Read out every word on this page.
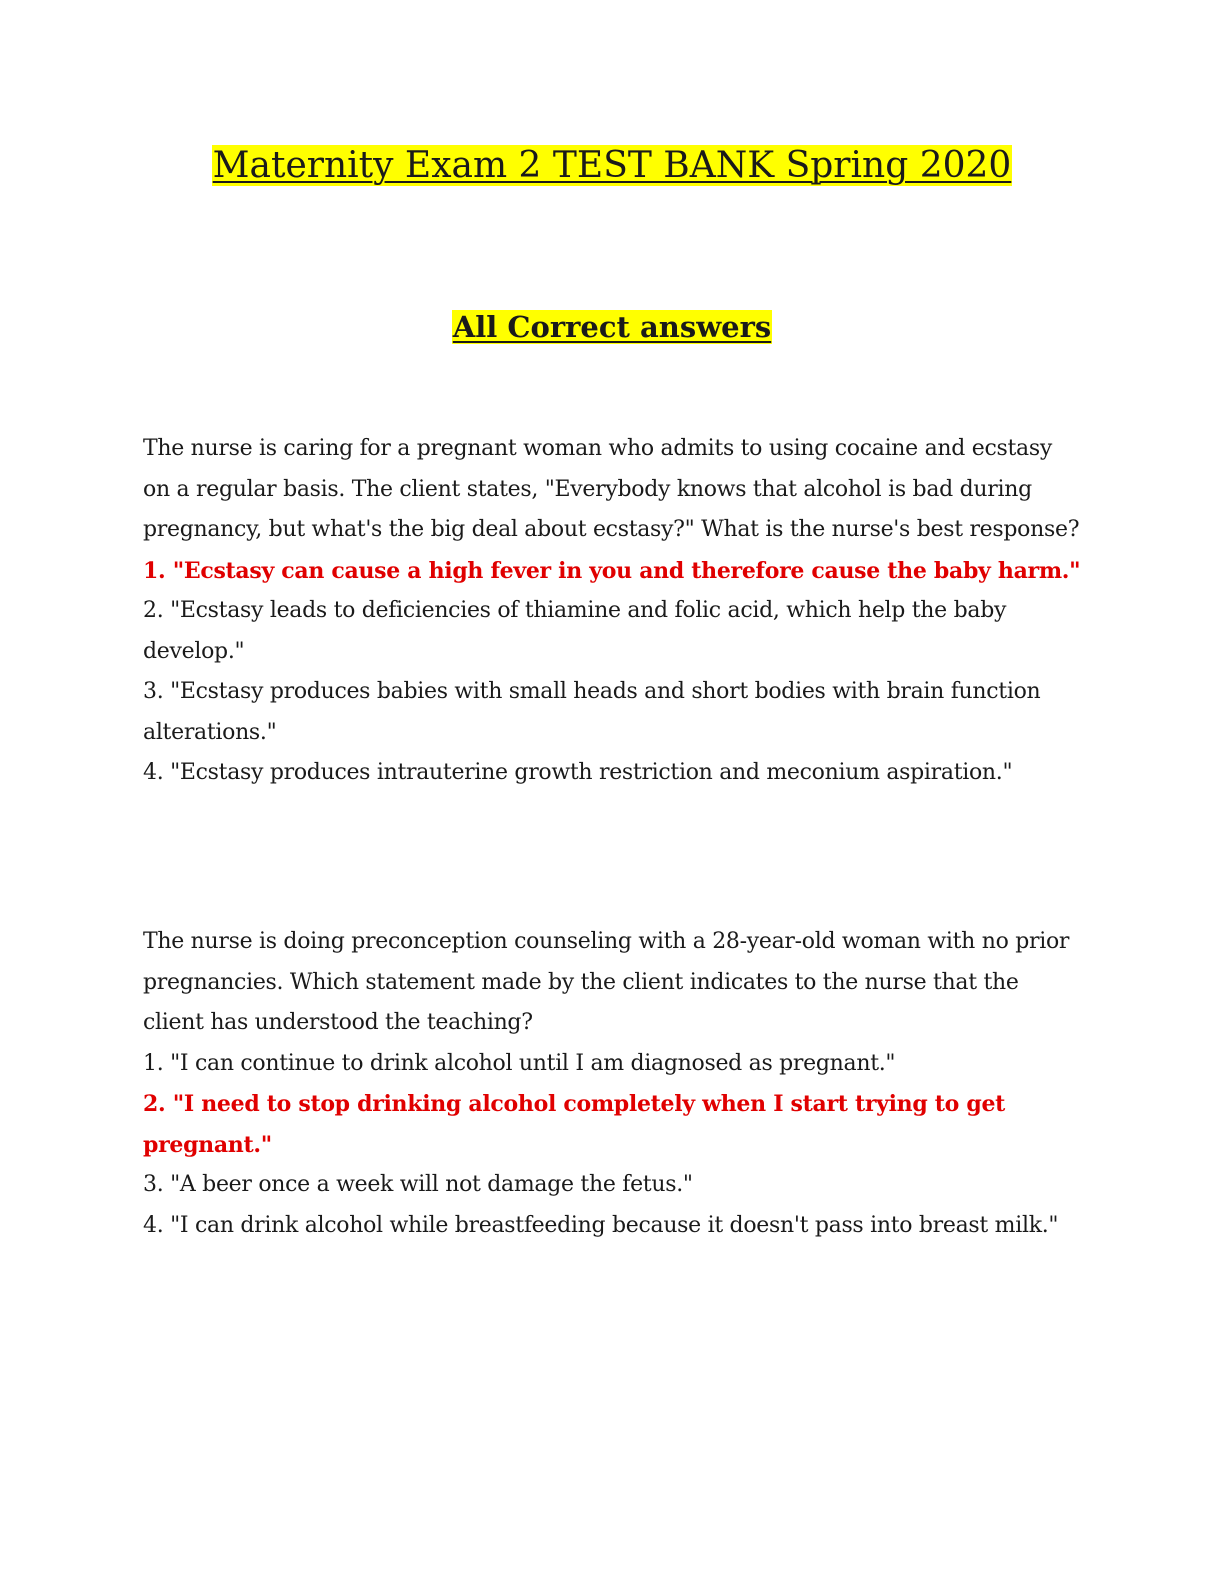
Maternity Exam 2 TEST BANK Spring 2020
All Correct answers

The nurse is caring for a pregnant woman who admits to using cocaine and ecstasy on a regular basis. The client states, "Everybody knows that alcohol is bad during pregnancy, but what's the big deal about ecstasy?" What is the nurse's best response?

1. "Ecstasy can cause a high fever in you and therefore cause the baby harm."
2. "Ecstasy leads to deficiencies of thiamine and folic acid, which help the baby develop."
3. "Ecstasy produces babies with small heads and short bodies with brain function alterations."
4. "Ecstasy produces intrauterine growth restriction and meconium aspiration."

The nurse is doing preconception counseling with a 28-year-old woman with no prior pregnancies. Which statement made by the client indicates to the nurse that the client has understood the teaching?

1. "I can continue to drink alcohol until I am diagnosed as pregnant."
2. "I need to stop drinking alcohol completely when I start trying to get pregnant."
3. "A beer once a week will not damage the fetus."
4. "I can drink alcohol while breastfeeding because it doesn't pass into breast milk."
